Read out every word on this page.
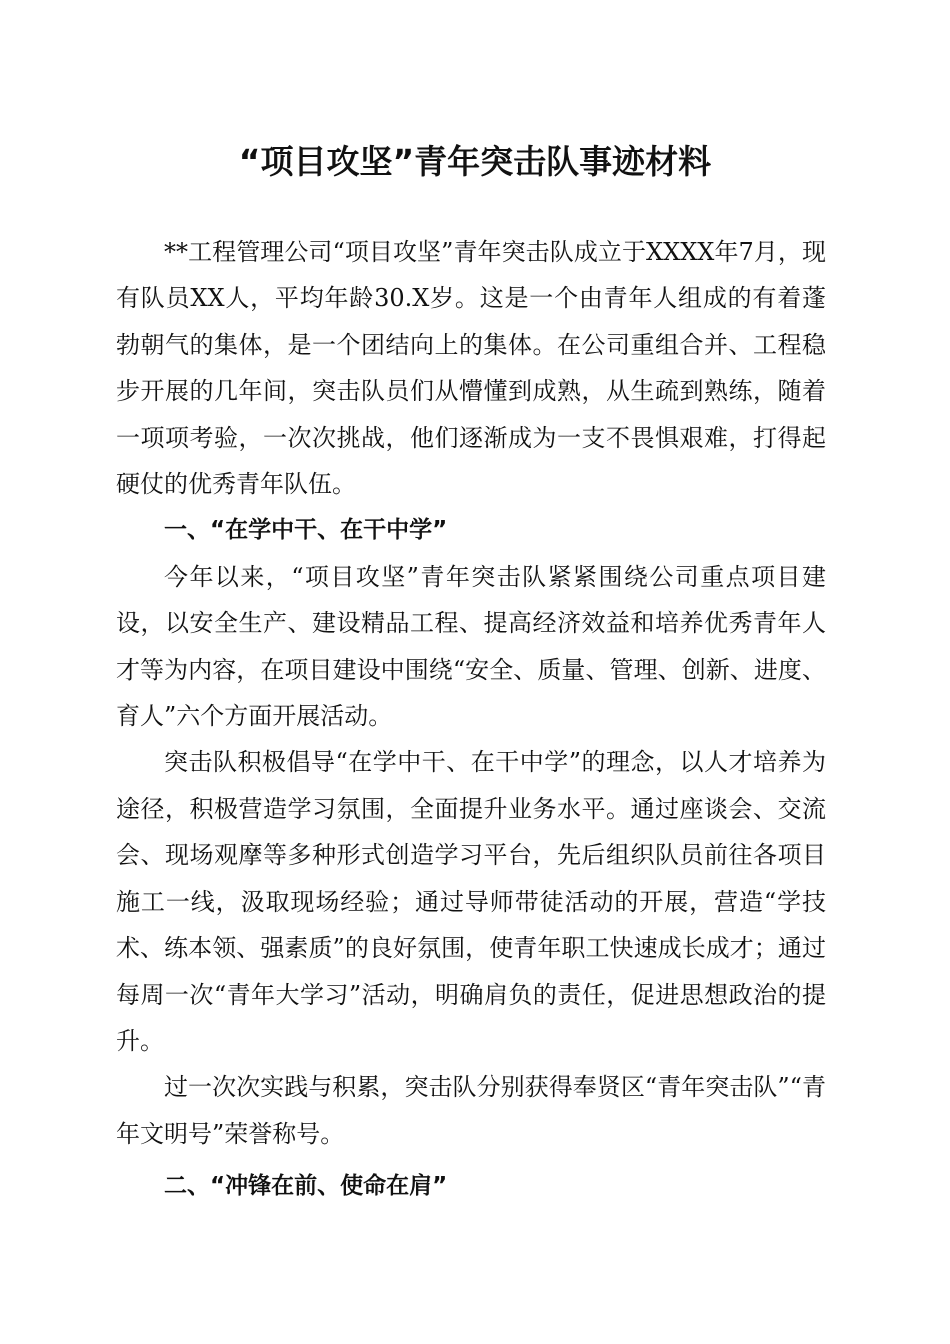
“项目攻坚”青年突击队事迹材料

**工程管理公司“项目攻坚”青年突击队成立于XXXX年7月，现有队员XX人，平均年龄30.X岁。这是一个由青年人组成的有着蓬勃朝气的集体，是一个团结向上的集体。在公司重组合并、工程稳步开展的几年间，突击队员们从懵懂到成熟，从生疏到熟练，随着一项项考验，一次次挑战，他们逐渐成为一支不畏惧艰难，打得起硬仗的优秀青年队伍。

一、“在学中干、在干中学”

今年以来，“项目攻坚”青年突击队紧紧围绕公司重点项目建设，以安全生产、建设精品工程、提高经济效益和培养优秀青年人才等为内容，在项目建设中围绕“安全、质量、管理、创新、进度、育人”六个方面开展活动。

突击队积极倡导“在学中干、在干中学”的理念，以人才培养为途径，积极营造学习氛围，全面提升业务水平。通过座谈会、交流会、现场观摩等多种形式创造学习平台，先后组织队员前往各项目施工一线，汲取现场经验；通过导师带徒活动的开展，营造“学技术、练本领、强素质”的良好氛围，使青年职工快速成长成才；通过每周一次“青年大学习”活动，明确肩负的责任，促进思想政治的提升。

过一次次实践与积累，突击队分别获得奉贤区“青年突击队”“青年文明号”荣誉称号。

二、“冲锋在前、使命在肩”
